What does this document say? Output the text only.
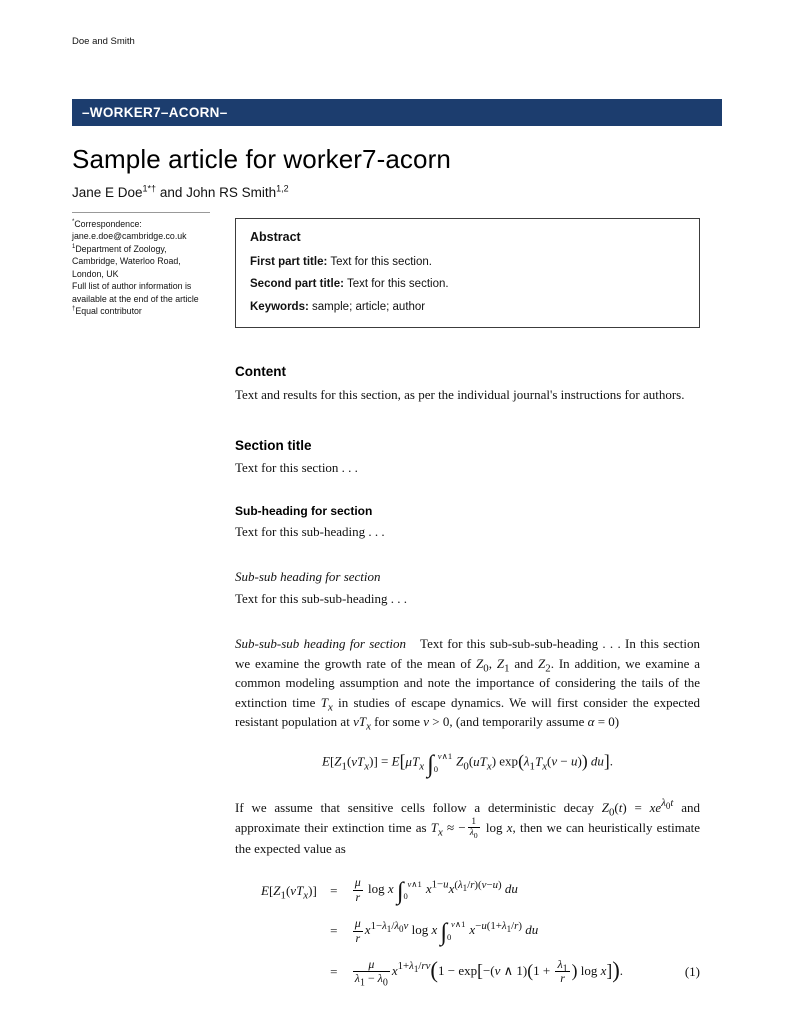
Doe and Smith
–WORKER7–ACORN–
Sample article for worker7-acorn
Jane E Doe$^{1*\dagger}$ and John RS Smith$^{1,2}$
*Correspondence:
jane.e.doe@cambridge.co.uk
$^1$Department of Zoology,
Cambridge, Waterloo Road,
London, UK
Full list of author information is
available at the end of the article
†Equal contributor
Abstract

First part title: Text for this section.

Second part title: Text for this section.

Keywords: sample; article; author

Content

Text and results for this section, as per the individual journal's instructions for authors.

Section title

Text for this section . . .

Sub-heading for section

Text for this sub-heading . . .

Sub-sub heading for section

Text for this sub-sub-heading . . .

Sub-sub-sub heading for section Text for this sub-sub-sub-heading . . . In this section we examine the growth rate of the mean of $Z_0$, $Z_1$ and $Z_2$. In addition, we examine a common modeling assumption and note the importance of considering the tails of the extinction time $T_x$ in studies of escape dynamics. We will first consider the expected resistant population at $vT_x$ for some v > 0, (and temporarily assume α = 0)

$E[Z_1(vT_x)] = E[\mu T_x$ ∫ v∧1
0
$Z_0(uT_x) \exp(\lambda_1T_x(v - u))$ du].

If we assume that sensitive cells follow a deterministic decay $Z_0(t) = xe^{\lambda_0t}$ and approximate their extinction time as $T_x$ ≈ − $\frac{1}{\lambda_0}$ log x, then we can heuristically estimate the expected value as

$E[Z_1(vT_x)]$	=	$\frac{\mu}{r}$ log x ∫ v∧1
0
$x^{1-u}x^{(\lambda_1/r)(v-u)}$ du
=	$\frac{\mu}{r} x^{1-\lambda_1/\lambda_0v}$ log x ∫ v∧1
0
$x^{-u(1+\lambda_1/r)}$ du
=	$\frac{\mu}{\lambda_1 - \lambda_0} x^{1+\lambda_1/rv}(1 - \exp[-(v$ ∧ $1)(1 + \frac{\lambda_1}{r}$ ) log x]).	(1)
